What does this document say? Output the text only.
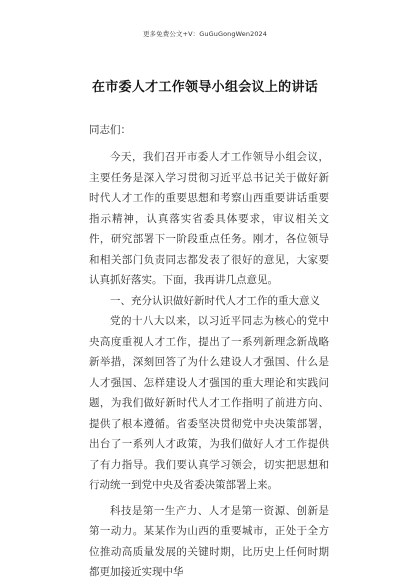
更多免费公文+V：GuGuGongWen2024
在市委人才工作领导小组会议上的讲话

同志们：

今天，我们召开市委人才工作领导小组会议，主要任务是深入学习贯彻习近平总书记关于做好新时代人才工作的重要思想和考察山西重要讲话重要指示精神，认真落实省委具体要求，审议相关文件，研究部署下一阶段重点任务。刚才，各位领导和相关部门负责同志都发表了很好的意见，大家要认真抓好落实。下面，我再讲几点意见。

一、充分认识做好新时代人才工作的重大意义

党的十八大以来，以习近平同志为核心的党中央高度重视人才工作，提出了一系列新理念新战略新举措，深刻回答了为什么建设人才强国、什么是人才强国、怎样建设人才强国的重大理论和实践问题，为我们做好新时代人才工作指明了前进方向、提供了根本遵循。省委坚决贯彻党中央决策部署，出台了一系列人才政策，为我们做好人才工作提供了有力指导。我们要认真学习领会，切实把思想和行动统一到党中央及省委决策部署上来。

科技是第一生产力、人才是第一资源、创新是第一动力。某某作为山西的重要城市，正处于全方位推动高质量发展的关键时期，比历史上任何时期都更加接近实现中华
